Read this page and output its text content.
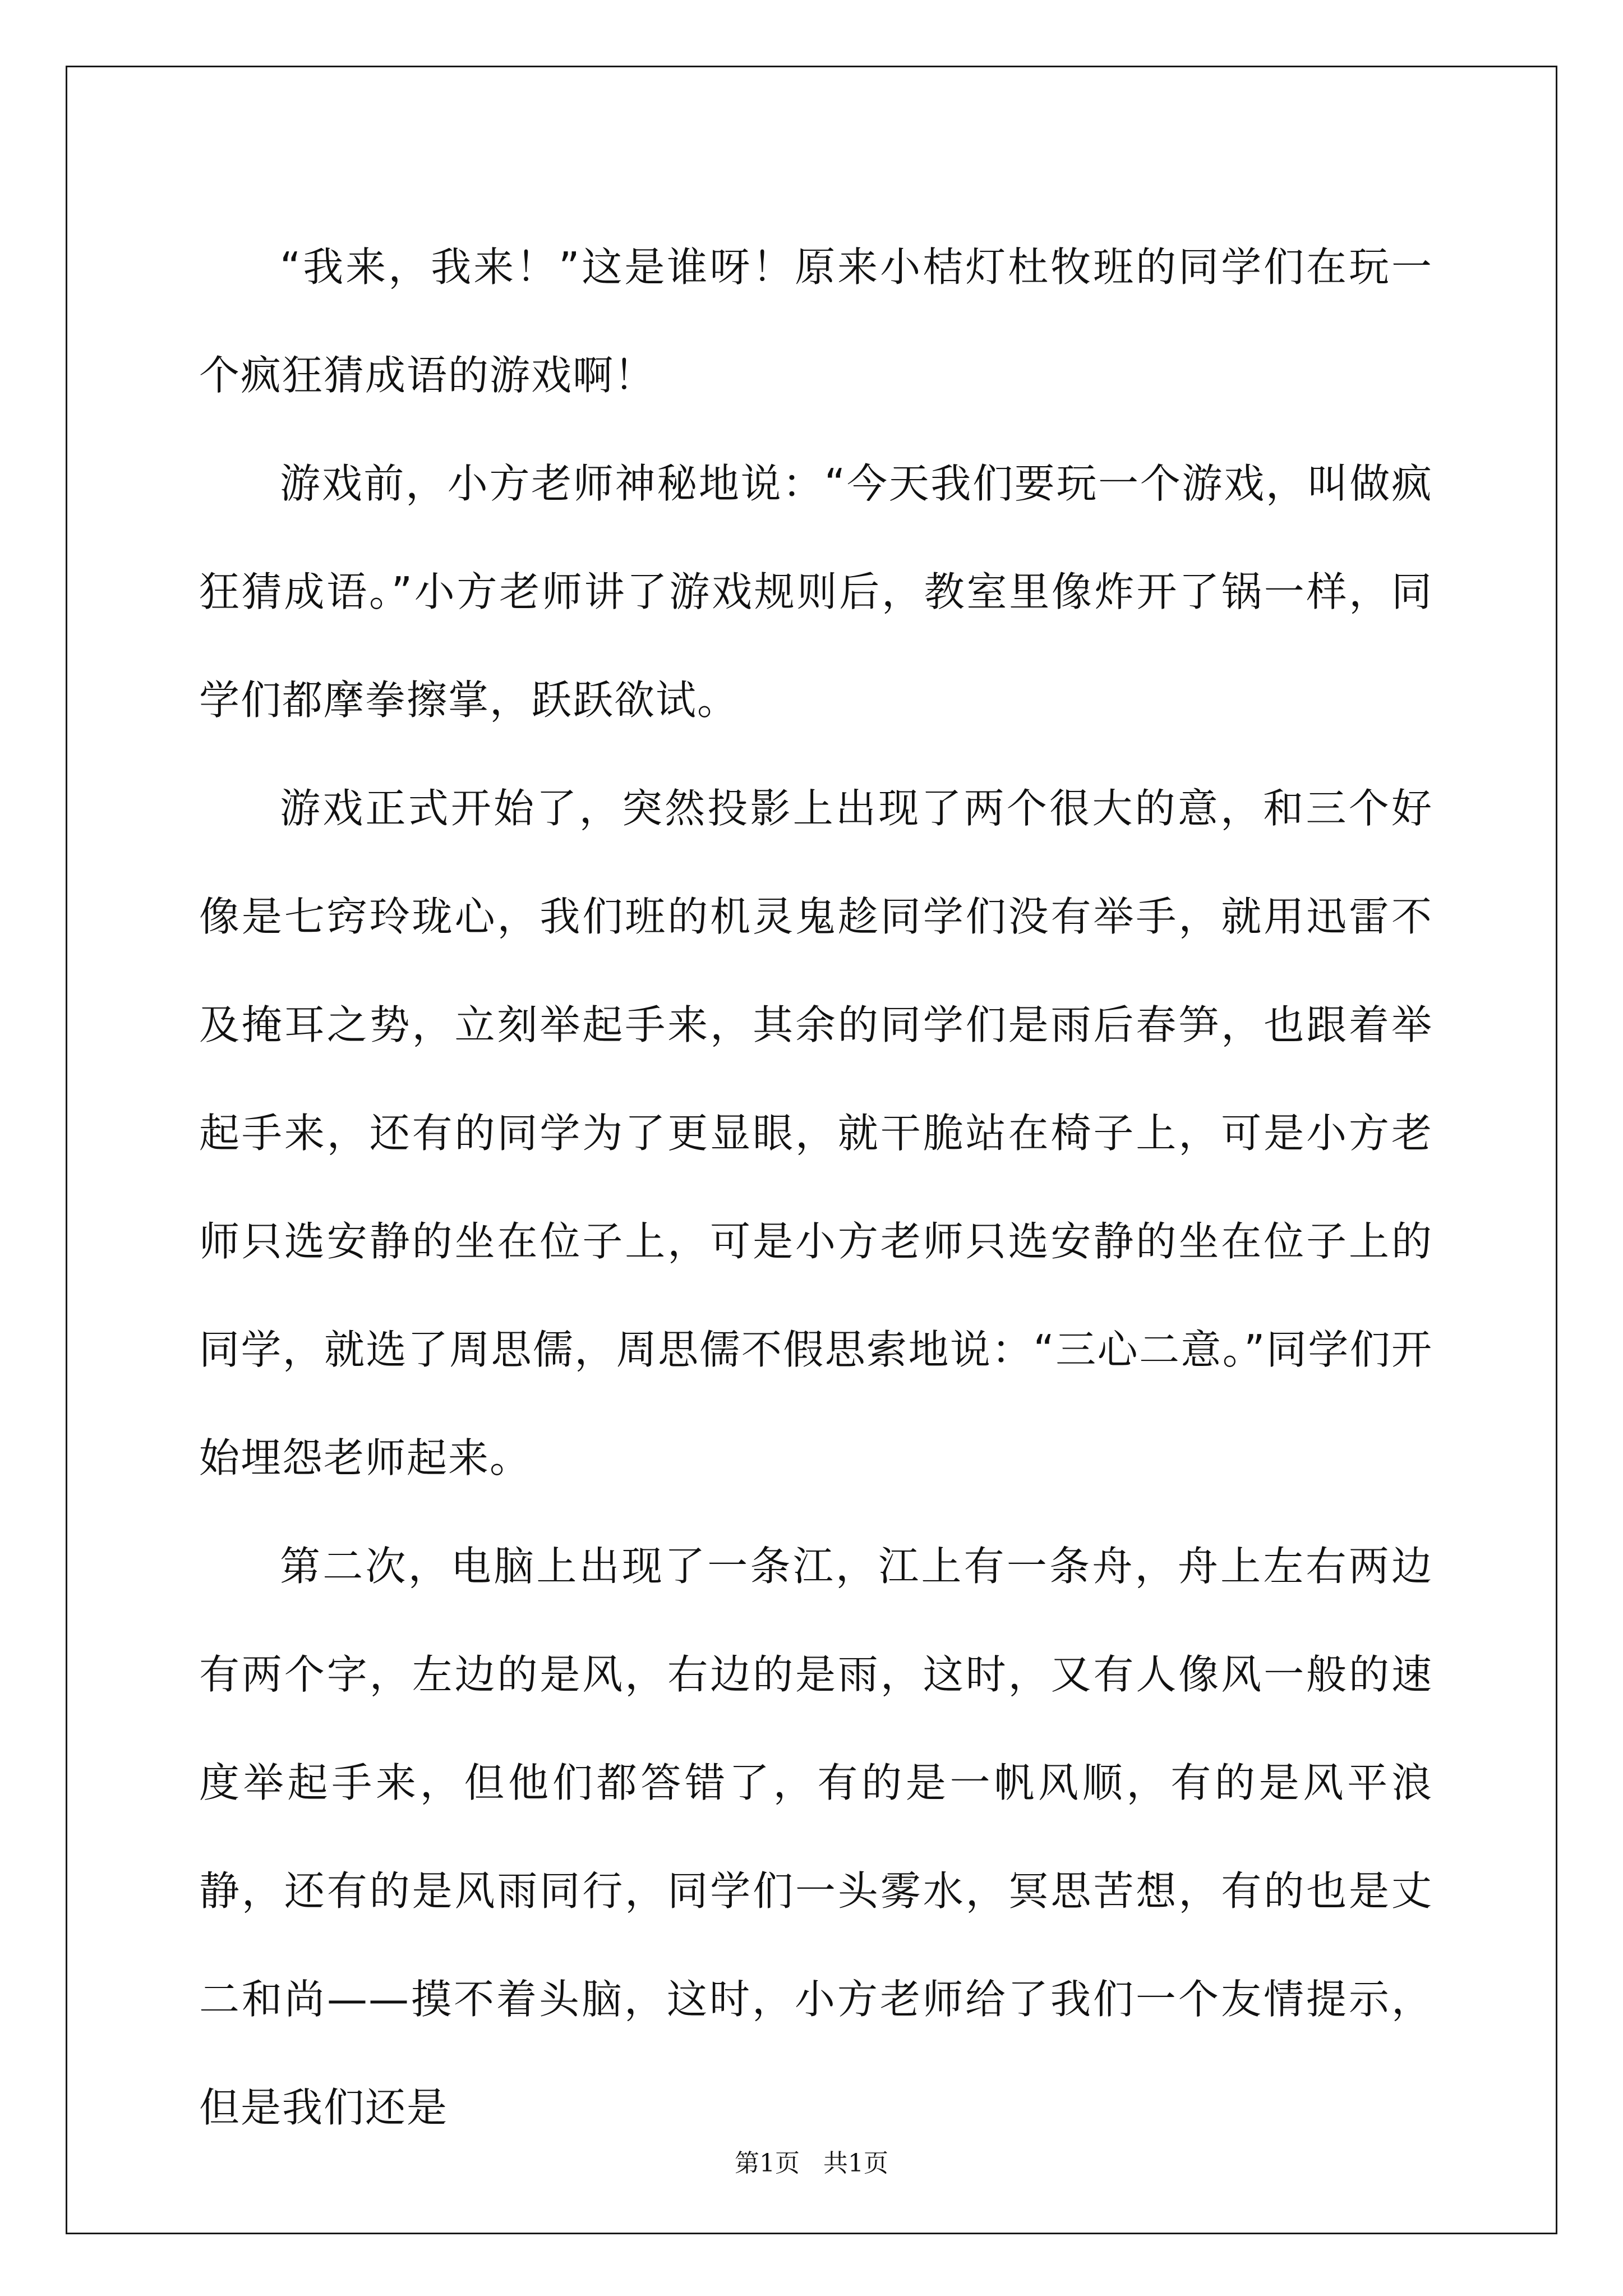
“我来，我来！”这是谁呀！原来小桔灯杜牧班的同学们在玩一个疯狂猜成语的游戏啊！

游戏前，小方老师神秘地说：“今天我们要玩一个游戏，叫做疯狂猜成语。”小方老师讲了游戏规则后，教室里像炸开了锅一样，同学们都摩拳擦掌，跃跃欲试。

游戏正式开始了，突然投影上出现了两个很大的意，和三个好像是七窍玲珑心，我们班的机灵鬼趁同学们没有举手，就用迅雷不及掩耳之势，立刻举起手来，其余的同学们是雨后春笋，也跟着举起手来，还有的同学为了更显眼，就干脆站在椅子上，可是小方老师只选安静的坐在位子上，可是小方老师只选安静的坐在位子上的同学，就选了周思儒，周思儒不假思索地说：“三心二意。”同学们开始埋怨老师起来。

第二次，电脑上出现了一条江，江上有一条舟，舟上左右两边有两个字，左边的是风，右边的是雨，这时，又有人像风一般的速度举起手来，但他们都答错了，有的是一帆风顺，有的是风平浪静，还有的是风雨同行，同学们一头雾水，冥思苦想，有的也是丈二和尚——摸不着头脑，这时，小方老师给了我们一个友情提示，但是我们还是

第1页   共1页
